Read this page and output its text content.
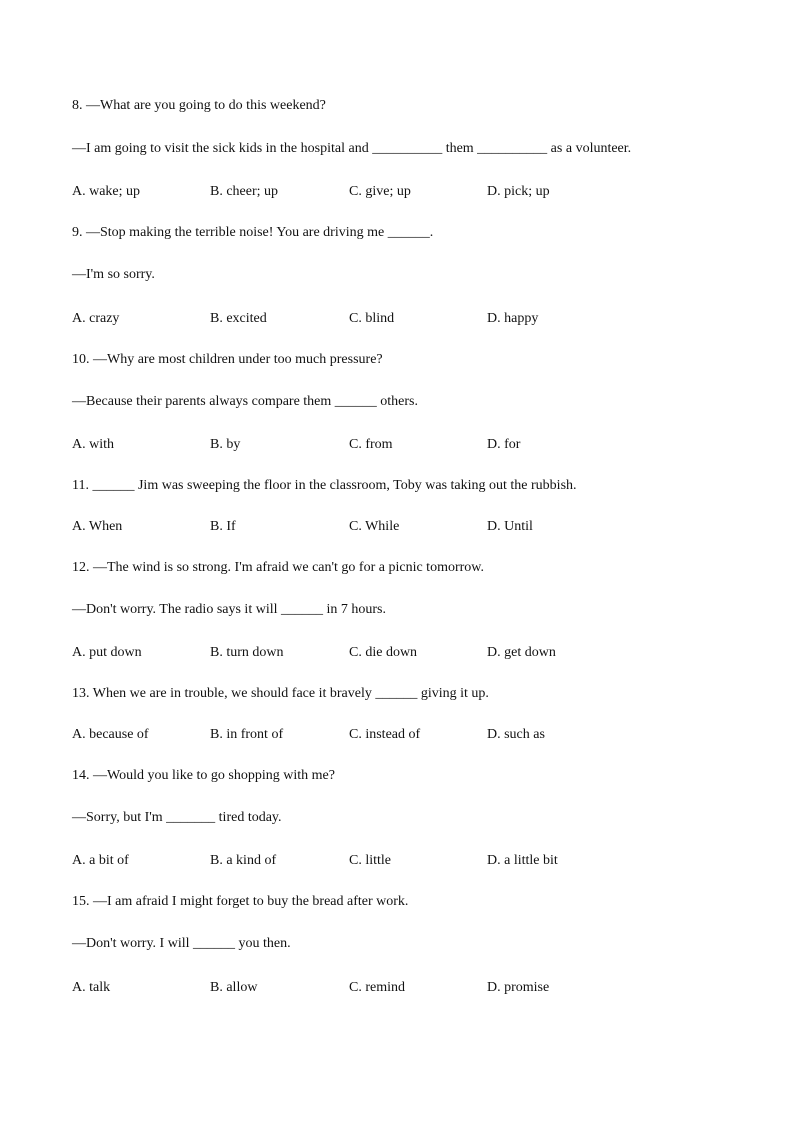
8. —What are you going to do this weekend?
—I am going to visit the sick kids in the hospital and __________ them __________ as a volunteer.
A. wake; up	B. cheer; up	C. give; up	D. pick; up
9. —Stop making the terrible noise! You are driving me ______.
—I'm so sorry.
A. crazy	B. excited	C. blind	D. happy
10. —Why are most children under too much pressure?
—Because their parents always compare them ______ others.
A. with	B. by	C. from	D. for
11. ______ Jim was sweeping the floor in the classroom, Toby was taking out the rubbish.
A. When	B. If	C. While	D. Until
12. —The wind is so strong. I'm afraid we can't go for a picnic tomorrow.
—Don't worry. The radio says it will ______ in 7 hours.
A. put down	B. turn down	C. die down	D. get down
13. When we are in trouble, we should face it bravely ______ giving it up.
A. because of	B. in front of	C. instead of	D. such as
14. —Would you like to go shopping with me?
—Sorry, but I'm _______ tired today.
A. a bit of	B. a kind of	C. little	D. a little bit
15. —I am afraid I might forget to buy the bread after work.
—Don't worry. I will ______ you then.
A. talk	B. allow	C. remind	D. promise
